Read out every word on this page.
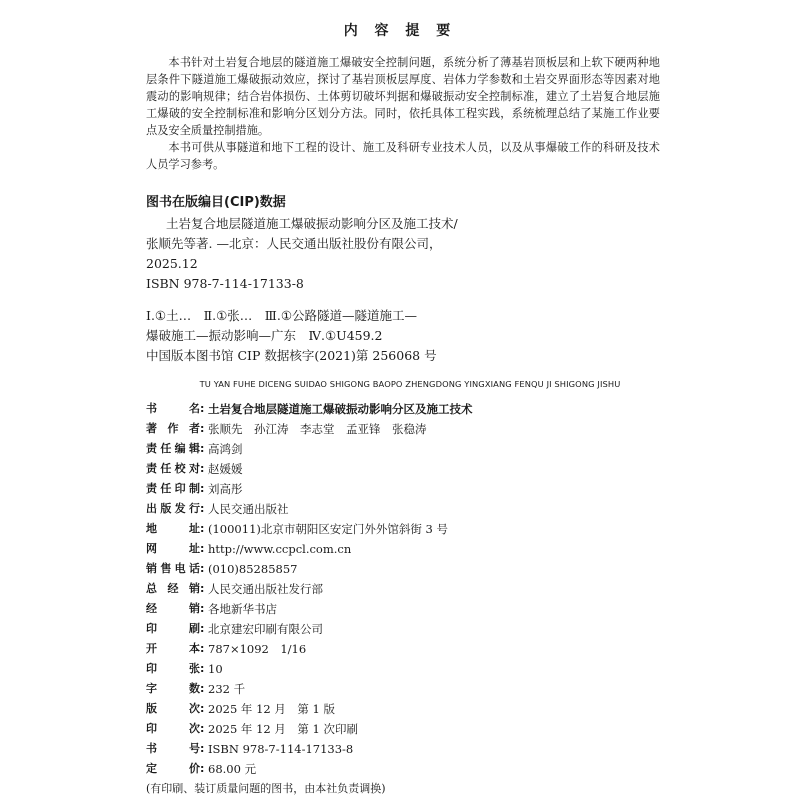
内 容 提 要

本书针对土岩复合地层的隧道施工爆破安全控制问题，系统分析了薄基岩顶板层和上软下硬两种地层条件下隧道施工爆破振动效应，探讨了基岩顶板层厚度、岩体力学参数和土岩交界面形态等因素对地震动的影响规律；结合岩体损伤、土体剪切破坏判据和爆破振动安全控制标准，建立了土岩复合地层施工爆破的安全控制标准和影响分区划分方法。同时，依托具体工程实践，系统梳理总结了某施工作业要点及安全质量控制措施。

本书可供从事隧道和地下工程的设计、施工及科研专业技术人员，以及从事爆破工作的科研及技术人员学习参考。

图书在版编目(CIP)数据
土岩复合地层隧道施工爆破振动影响分区及施工技术/
张顺先等著. —北京：人民交通出版社股份有限公司，
2025.12
ISBN 978-7-114-17133-8
Ⅰ.①土…　Ⅱ.①张…　Ⅲ.①公路隧道—隧道施工—
爆破施工—振动影响—广东　Ⅳ.①U459.2
中国版本图书馆 CIP 数据核字(2021)第 256068 号
TU YAN FUHE DICENG SUIDAO SHIGONG BAOPO ZHENGDONG YINGXIANG FENQU JI SHIGONG JISHU
书名 : 土岩复合地层隧道施工爆破振动影响分区及施工技术
著作者 : 张顺先　孙江涛　李志堂　孟亚锋　张稳涛
责任编辑 : 高鸿剑
责任校对 : 赵媛媛
责任印制 : 刘高彤
出版发行 : 人民交通出版社
地址 : (100011)北京市朝阳区安定门外外馆斜街 3 号
网址 : http://www.ccpcl.com.cn
销售电话 : (010)85285857
总经销 : 人民交通出版社发行部
经销 : 各地新华书店
印刷 : 北京建宏印刷有限公司
开本 : 787×1092　1/16
印张 : 10
字数 : 232 千
版次 : 2025 年 12 月　第 1 版
印次 : 2025 年 12 月　第 1 次印刷
书号 : ISBN 978-7-114-17133-8
定价 : 68.00 元
(有印刷、装订质量问题的图书，由本社负责调换)
